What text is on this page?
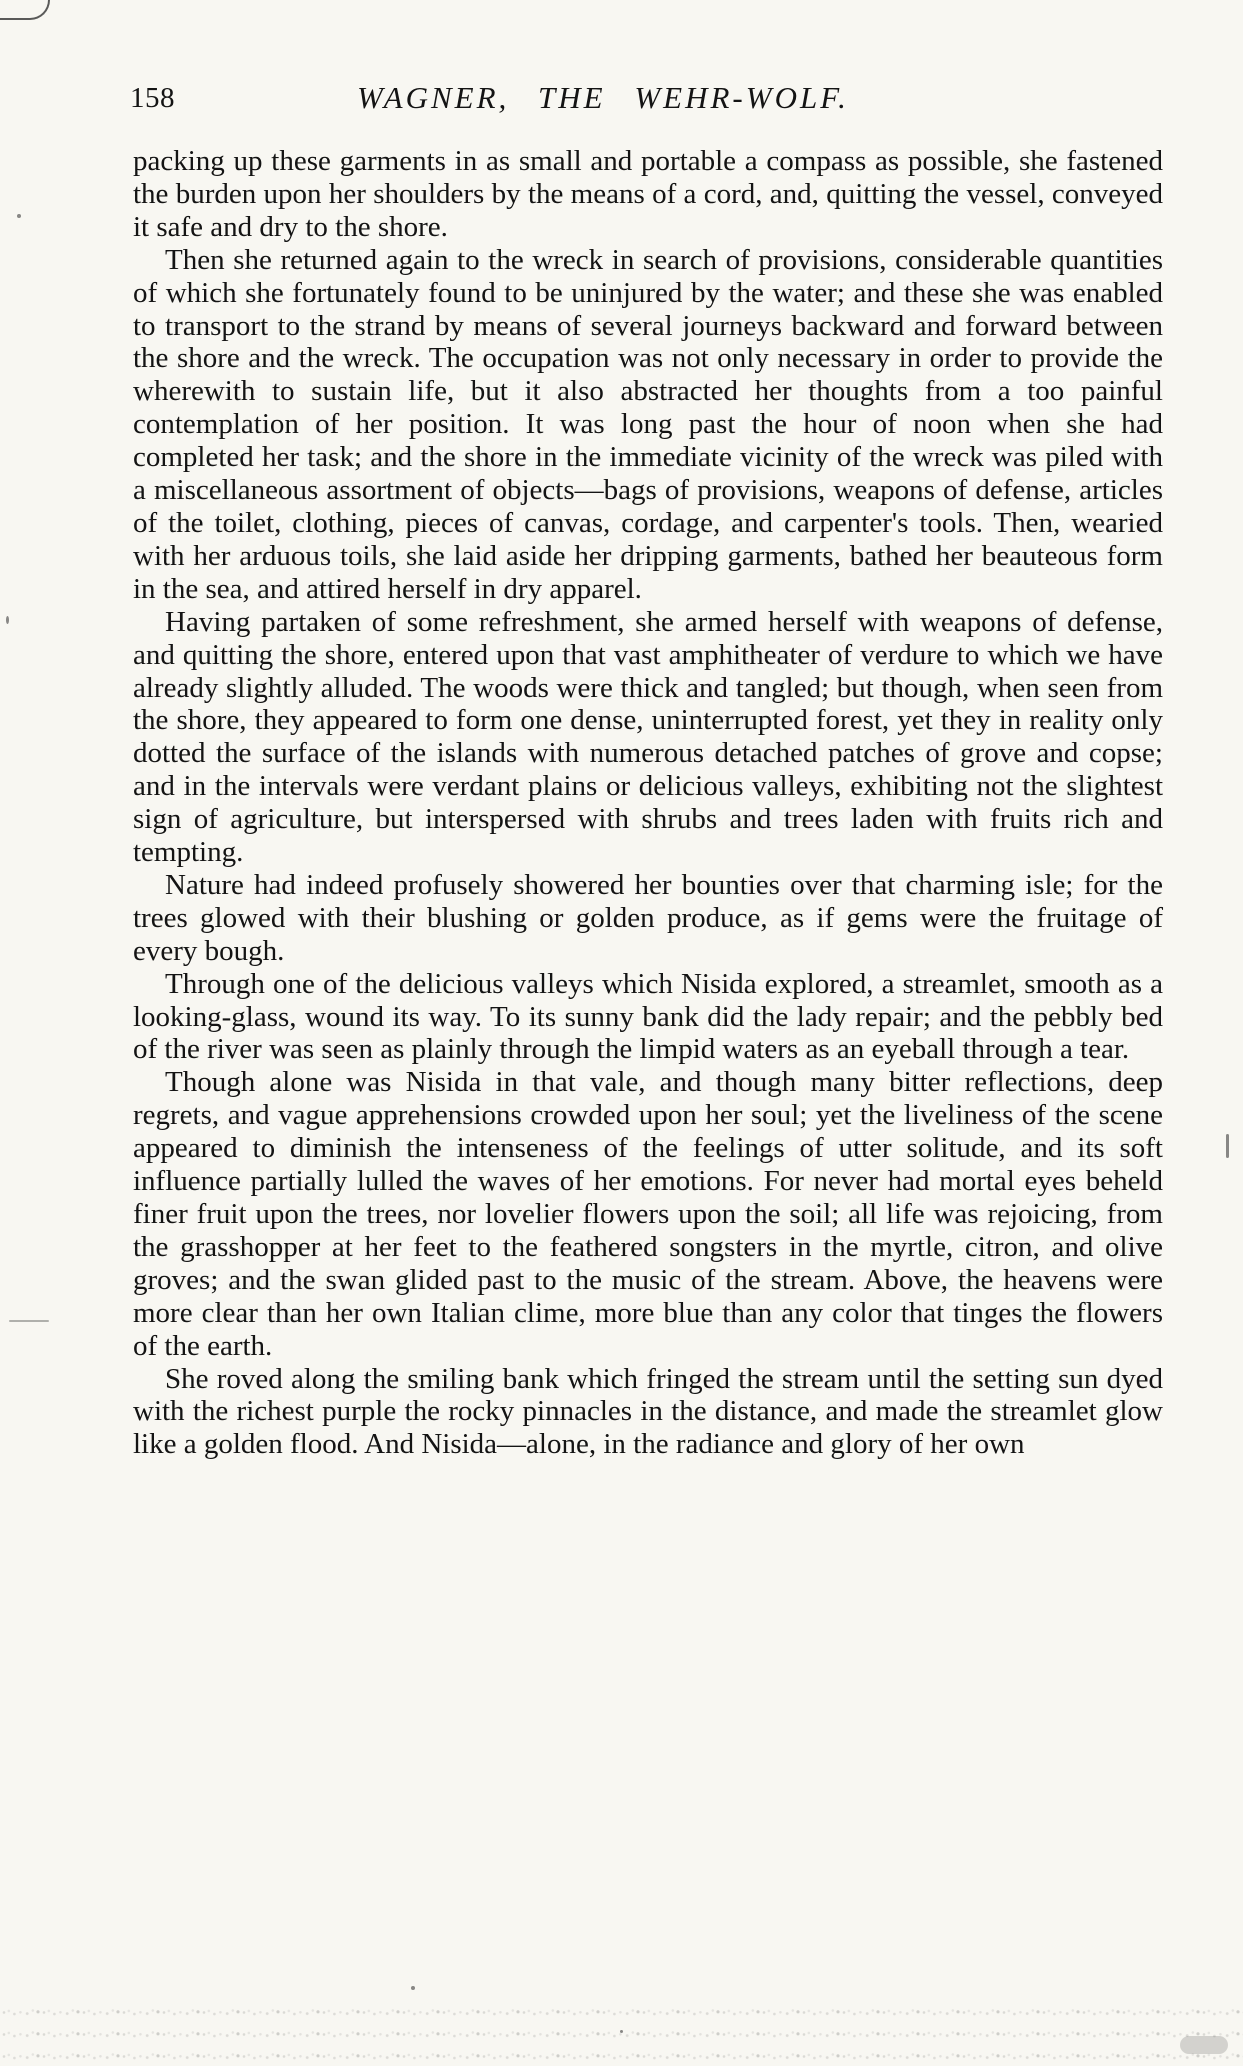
158	WAGNER, THE WEHR-WOLF.

packing up these garments in as small and portable a compass as possible, she fastened the burden upon her shoulders by the means of a cord, and, quitting the vessel, conveyed it safe and dry to the shore.

Then she returned again to the wreck in search of provisions, considerable quantities of which she fortunately found to be uninjured by the water; and these she was enabled to transport to the strand by means of several journeys backward and forward between the shore and the wreck. The occupation was not only necessary in order to provide the wherewith to sustain life, but it also abstracted her thoughts from a too painful contemplation of her position. It was long past the hour of noon when she had completed her task; and the shore in the immediate vicinity of the wreck was piled with a miscellaneous assortment of objects—bags of provisions, weapons of defense, articles of the toilet, clothing, pieces of canvas, cordage, and carpenter's tools. Then, wearied with her arduous toils, she laid aside her dripping garments, bathed her beauteous form in the sea, and attired herself in dry apparel.

Having partaken of some refreshment, she armed herself with weapons of defense, and quitting the shore, entered upon that vast amphitheater of verdure to which we have already slightly alluded. The woods were thick and tangled; but though, when seen from the shore, they appeared to form one dense, uninterrupted forest, yet they in reality only dotted the surface of the islands with numerous detached patches of grove and copse; and in the intervals were verdant plains or delicious valleys, exhibiting not the slightest sign of agriculture, but interspersed with shrubs and trees laden with fruits rich and tempting.

Nature had indeed profusely showered her bounties over that charming isle; for the trees glowed with their blushing or golden produce, as if gems were the fruitage of every bough.

Through one of the delicious valleys which Nisida explored, a streamlet, smooth as a looking-glass, wound its way. To its sunny bank did the lady repair; and the pebbly bed of the river was seen as plainly through the limpid waters as an eyeball through a tear.

Though alone was Nisida in that vale, and though many bitter reflections, deep regrets, and vague apprehensions crowded upon her soul; yet the liveliness of the scene appeared to diminish the intenseness of the feelings of utter solitude, and its soft influence partially lulled the waves of her emotions. For never had mortal eyes beheld finer fruit upon the trees, nor lovelier flowers upon the soil; all life was rejoicing, from the grasshopper at her feet to the feathered songsters in the myrtle, citron, and olive groves; and the swan glided past to the music of the stream. Above, the heavens were more clear than her own Italian clime, more blue than any color that tinges the flowers of the earth.

She roved along the smiling bank which fringed the stream until the setting sun dyed with the richest purple the rocky pinnacles in the distance, and made the streamlet glow like a golden flood. And Nisida—alone, in the radiance and glory of her own
